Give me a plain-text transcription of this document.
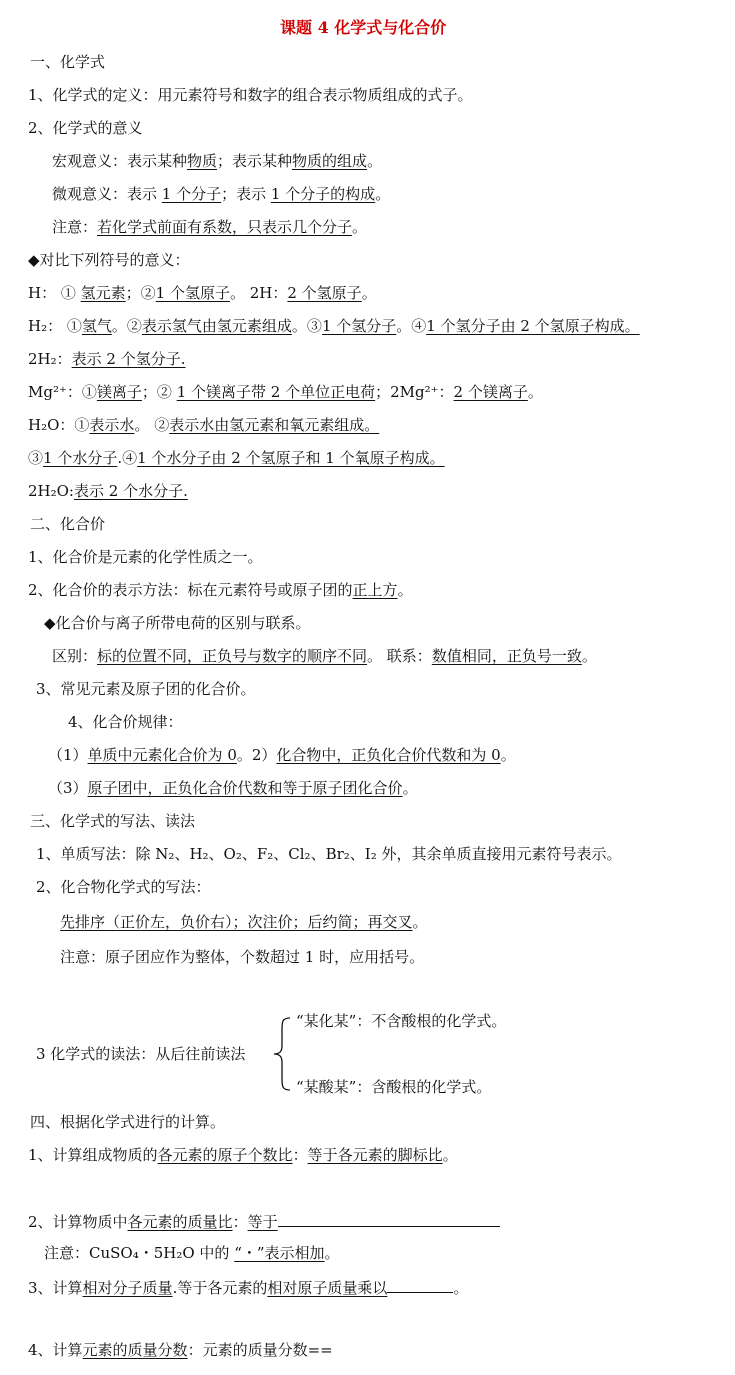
课题 4 化学式与化合价
一、化学式
1、化学式的定义：用元素符号和数字的组合表示物质组成的式子。
2、化学式的意义
宏观意义：表示某种物质；表示某种物质的组成。
微观意义：表示 1 个分子；表示 1 个分子的构成。
注意：若化学式前面有系数，只表示几个分子。
◆对比下列符号的意义：
H： ① 氢元素；②1 个氢原子。 2H：2 个氢原子。
H₂： ①氢气。②表示氢气由氢元素组成。③1 个氢分子。④1 个氢分子由 2 个氢原子构成。
2H₂：表示 2 个氢分子.
Mg²⁺：①镁离子；② 1 个镁离子带 2 个单位正电荷；2Mg²⁺：2 个镁离子。
H₂O：①表示水。 ②表示水由氢元素和氧元素组成。
③1 个水分子.④1 个水分子由 2 个氢原子和 1 个氧原子构成。
2H₂O:表示 2 个水分子.
二、化合价
1、化合价是元素的化学性质之一。
2、化合价的表示方法：标在元素符号或原子团的正上方。
◆化合价与离子所带电荷的区别与联系。
区别：标的位置不同，正负号与数字的顺序不同。 联系：数值相同，正负号一致。
3、常见元素及原子团的化合价。
4、化合价规律：
（1）单质中元素化合价为 0。2）化合物中，正负化合价代数和为 0。
（3）原子团中，正负化合价代数和等于原子团化合价。
三、化学式的写法、读法
1、单质写法：除 N₂、H₂、O₂、F₂、Cl₂、Br₂、I₂ 外，其余单质直接用元素符号表示。
2、化合物化学式的写法：
先排序（正价左，负价右）；次注价；后约简；再交叉。
注意：原子团应作为整体，个数超过 1 时，应用括号。
“某化某”：不含酸根的化学式。
3 化学式的读法：从后往前读法
“某酸某”：含酸根的化学式。
四、根据化学式进行的计算。
1、计算组成物质的各元素的原子个数比：等于各元素的脚标比。
2、计算物质中各元素的质量比：等于
注意：CuSO₄・5H₂O 中的 “・”表示相加。
3、计算相对分子质量.等于各元素的相对原子质量乘以	。
4、计算元素的质量分数：元素的质量分数==
